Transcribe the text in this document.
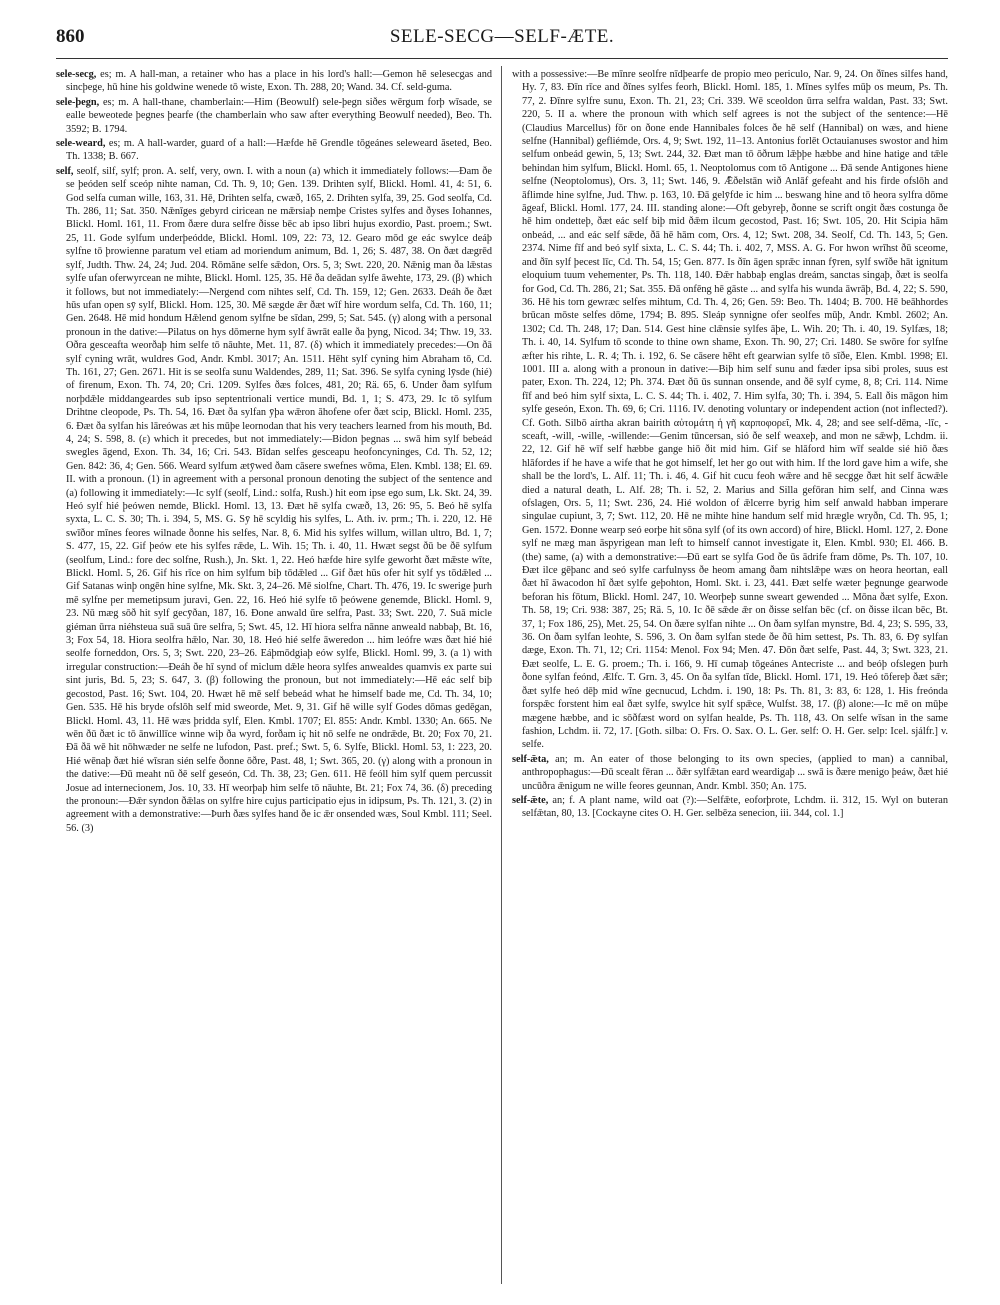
860	SELE-SECG—SELF-ÆTE.

sele-secg, es; m. A hall-man, a retainer who has a place in his lord's hall:—Gemon hē selesecgas and sincþege, hū hine his goldwine wenede tō wiste, Exon. Th. 288, 20; Wand. 34. Cf. seld-guma.

sele-þegn, es; m. A hall-thane, chamberlain:—Him (Beowulf) sele-þegn siðes wērgum forþ wīsade, se ealle beweotede þegnes þearfe (the chamberlain who saw after everything Beowulf needed), Beo. Th. 3592; B. 1794.

sele-weard, es; m. A hall-warder, guard of a hall:—Hæfde hē Grendle tōgeánes seleweard āseted, Beo. Th. 1338; B. 667.

self, seolf, silf, sylf; pron. A. self, very, own. I. with a noun (a) which it immediately follows:—Ðam ðe se þeóden self sceóp nihte naman, Cd. Th. 9, 10; Gen. 139. Drihten sylf, Blickl. Homl. 41, 4: 51, 6. God selfa cuman wille, 163, 31. Hē, Drihten selfa, cwæð, 165, 2. Drihten sylfa, 39, 25. God seolfa, Cd. Th. 286, 11; Sat. 350. Nǣnīges gebyrd ciricean ne mǣrsiaþ nemþe Cristes sylfes and ðyses Iohannes, Blickl. Homl. 161, 11. From ðære dura selfre ðisse bēc ab ipso libri hujus exordio, Past. proem.; Swt. 25, 11. Gode sylfum underþeódde, Blickl. Homl. 109, 22: 73, 12. Gearo mōd ge eác swylce deáþ sylfne tō þrowienne paratum vel etiam ad moriendum animum, Bd. 1, 26; S. 487, 38. On ðæt dægrēd sylf, Judth. Thw. 24, 24; Jud. 204. Rōmāne selfe sǣdon, Ors. 5, 3; Swt. 220, 20. Nǣnig man ða lǣstas sylfe ufan oferwyrcean ne mihte, Blickl. Homl. 125, 35. Hē ða deādan sylfe āwehte, 173, 29. (β) which it follows, but not immediately:—Nergend com nihtes self, Cd. Th. 159, 12; Gen. 2633. Deáh ðe ðæt hūs ufan open sȳ sylf, Blickl. Hom. 125, 30. Mē sægde ǣr ðæt wīf hire wordum selfa, Cd. Th. 160, 11; Gen. 2648. Hē mid hondum Hǣlend genom sylfne be sīdan, 299, 5; Sat. 545. (γ) along with a personal pronoun in the dative:—Pilatus on hys dōmerne hym sylf āwrāt ealle ða þyng, Nicod. 34; Thw. 19, 33. Oðra gesceafta weorðaþ him selfe tō nāuhte, Met. 11, 87. (δ) which it immediately precedes:—On ðā sylf cyning wrāt, wuldres God, Andr. Kmbl. 3017; An. 1511. Hēht sylf cyning him Abraham tō, Cd. Th. 161, 27; Gen. 2671. Hit is se seolfa sunu Waldendes, 289, 11; Sat. 396. Se sylfa cyning lȳsde (hié) of firenum, Exon. Th. 74, 20; Cri. 1209. Sylfes ðæs folces, 481, 20; Rä. 65, 6. Under ðam sylfum norþdǣle middangeardes sub ipso septentrionali vertice mundi, Bd. 1, 1; S. 473, 29. Ic tō sylfum Drihtne cleopode, Ps. Th. 54, 16. Ðæt ða sylfan ȳþa wǣron āhofene ofer ðæt scip, Blickl. Homl. 235, 6. Ðæt ða sylfan his lāreówas æt his mūþe leornodan that his very teachers learned from his mouth, Bd. 4, 24; S. 598, 8. (ε) which it precedes, but not immediately:—Bidon þegnas ... swā him sylf bebeád swegles āgend, Exon. Th. 34, 16; Cri. 543. Bīdan selfes gesceapu heofoncyninges, Cd. Th. 52, 12; Gen. 842: 36, 4; Gen. 566. Weard sylfum ætȳwed ðam cāsere swefnes wōma, Elen. Kmbl. 138; El. 69. II. with a pronoun. (1) in agreement with a personal pronoun denoting the subject of the sentence and (a) following it immediately:—Ic sylf (seolf, Lind.: solfa, Rush.) hit eom ipse ego sum, Lk. Skt. 24, 39. Heó sylf hié þeówen nemde, Blickl. Homl. 13, 13. Ðæt hē sylfa cwæð, 13, 26: 95, 5. Beó hē sylfa syxta, L. C. S. 30; Th. i. 394, 5, MS. G. Sȳ hē scyldig his sylfes, L. Ath. iv. prm.; Th. i. 220, 12. Hē swīðor mīnes feores wilnade ðonne his selfes, Nar. 8, 6. Mid his sylfes willum, willan ultro, Bd. 1, 7; S. 477, 15, 22. Gif þeów ete his sylfes rǣde, L. Wih. 15; Th. i. 40, 11. Hwæt segst ðū be ðē sylfum (seolfum, Lind.: fore dec solfne, Rush.), Jn. Skt. 1, 22. Heó hæfde hire sylfe geworht ðæt mǣste wīte, Blickl. Homl. 5, 26. Gif his rīce on him sylfum biþ tōdǣled ... Gif ðæt hūs ofer hit sylf ys tōdǣled ... Gif Satanas winþ ongēn hine sylfne, Mk. Skt. 3, 24–26. Mē siolfne, Chart. Th. 476, 19. Ic swerige þurh mē sylfne per memetipsum juravi, Gen. 22, 16. Heó hié sylfe tō þeówene genemde, Blickl. Homl. 9, 23. Nū mæg sōð hit sylf gecȳðan, 187, 16. Ðone anwald ūre selfra, Past. 33; Swt. 220, 7. Suā micle giéman ūrra niéhsteua suā suā ūre selfra, 5; Swt. 45, 12. Hī hiora selfra nānne anweald nabbaþ, Bt. 16, 3; Fox 54, 18. Hiora seolfra hǣlo, Nar. 30, 18. Heó hié selfe āweredon ... him leófre wæs ðæt hié hié seolfe forneddon, Ors. 5, 3; Swt. 220, 23–26. Eáþmōdgiaþ eów sylfe, Blickl. Homl. 99, 3. (a 1) with irregular construction:—Ðeáh ðe hī synd of miclum dǣle heora sylfes anwealdes quamvis ex parte sui sint juris, Bd. 5, 23; S. 647, 3. (β) following the pronoun, but not immediately:—Hē eác self biþ gecostod, Past. 16; Swt. 104, 20. Hwæt hē mē self bebeád what he himself bade me, Cd. Th. 34, 10; Gen. 535. Hē his bryde ofslōh self mid sweorde, Met. 9, 31. Gif hē wille sylf Godes dōmas gedēgan, Blickl. Homl. 43, 11. Hē wæs þridda sylf, Elen. Kmbl. 1707; El. 855: Andr. Kmbl. 1330; An. 665. Ne wēn ðū ðæt ic tō ānwillīce winne wiþ ða wyrd, forðam iç hit nō selfe ne ondrǣde, Bt. 20; Fox 70, 21. Ðā ðā wē hit nōhwæder ne selfe ne lufodon, Past. pref.; Swt. 5, 6. Sylfe, Blickl. Homl. 53, 1: 223, 20. Hié wēnaþ ðæt hié wīsran sién selfe ðonne ōðre, Past. 48, 1; Swt. 365, 20. (γ) along with a pronoun in the dative:—Ðū meaht nū ðē self geseón, Cd. Th. 38, 23; Gen. 611. Hē feóll him sylf quem percussit Josue ad internecionem, Jos. 10, 33. Hī weorþaþ him selfe tō nāuhte, Bt. 21; Fox 74, 36. (δ) preceding the pronoun:—Ðǣr syndon ðǣlas on sylfre hire cujus participatio ejus in idipsum, Ps. Th. 121, 3. (2) in agreement with a demonstrative:—Þurh ðæs sylfes hand ðe ic ǣr onsended wæs, Soul Kmbl. 111; Seel. 56. (3)

with a possessive:—Be mīnre seolfre nīdþearfe de propio meo periculo, Nar. 9, 24. On ðīnes silfes hand, Hy. 7, 83. Ðīn rīce and ðīnes sylfes feorh, Blickl. Homl. 185, 1. Mīnes sylfes mūþ os meum, Ps. Th. 77, 2. Ðīnre sylfre sunu, Exon. Th. 21, 23; Cri. 339. Wē sceoldon ūrra selfra waldan, Past. 33; Swt. 220, 5. II a. where the pronoun with which self agrees is not the subject of the sentence:—Hē (Claudius Marcellus) fōr on ðone ende Hannibales folces ðe hē self (Hannibal) on wæs, and hiene selfne (Hannibal) gefliémde, Ors. 4, 9; Swt. 192, 11–13. Antonius forlēt Octauianuses swostor and him selfum onbeád gewin, 5, 13; Swt. 244, 32. Ðæt man tō ōðrum lǣþþe hæbbe and hine hatige and tǣle behindan him sylfum, Blickl. Homl. 65, 1. Neoptolomus com tō Antigone ... Ðā sende Antigones hiene selfne (Neoptolomus), Ors. 3, 11; Swt. 146, 9. Ǣðelstān wið Anlāf gefeaht and his firde ofslōh and āflimde hine sylfne, Jud. Thw. p. 163, 10. Ðā gelȳfde ic him ... beswang hine and tō heora sylfra dōme āgeaf, Blickl. Homl. 177, 24. III. standing alone:—Oft gebyreþ, ðonne se scrift ongit ðæs costunga ðe hē him ondetteþ, ðæt eác self biþ mid ðǣm ilcum gecostod, Past. 16; Swt. 105, 20. Hit Scipia hām onbeád, ... and eác self sǣde, ðā hē hām com, Ors. 4, 12; Swt. 208, 34. Seolf, Cd. Th. 143, 5; Gen. 2374. Nime fīf and beó sylf sixta, L. C. S. 44; Th. i. 402, 7, MSS. A. G. For hwon wrīhst ðū sceome, and ðīn sylf þecest līc, Cd. Th. 54, 15; Gen. 877. Is ðīn āgen sprǣc innan fȳren, sylf swīðe hāt ignitum eloquium tuum vehementer, Ps. Th. 118, 140. Ðǣr habbaþ englas dreám, sanctas singaþ, ðæt is seolfa for God, Cd. Th. 286, 21; Sat. 355. Ðā onfēng hē gāste ... and sylfa his wunda āwrāþ, Bd. 4, 22; S. 590, 36. Hē his torn gewræc selfes mihtum, Cd. Th. 4, 26; Gen. 59: Beo. Th. 1404; B. 700. Hē beāhhordes brūcan mōste selfes dōme, 1794; B. 895. Sleáp synnigne ofer seolfes mūþ, Andr. Kmbl. 2602; An. 1302; Cd. Th. 248, 17; Dan. 514. Gest hine clǣnsie sylfes āþe, L. Wih. 20; Th. i. 40, 19. Sylfæs, 18; Th. i. 40, 14. Sylfum tō sconde to thine own shame, Exon. Th. 90, 27; Cri. 1480. Se swōre for sylfne æfter his rihte, L. R. 4; Th. i. 192, 6. Se cāsere hēht eft gearwian sylfe tō sīðe, Elen. Kmbl. 1998; El. 1001. III a. along with a pronoun in dative:—Biþ him self sunu and fæder ipsa sibi proles, suus est pater, Exon. Th. 224, 12; Ph. 374. Ðæt ðū ūs sunnan onsende, and ðē sylf cyme, 8, 8; Cri. 114. Nime fīf and beó him sylf sixta, L. C. S. 44; Th. i. 402, 7. Him sylfa, 30; Th. i. 394, 5. Eall ðis māgon him sylfe geseón, Exon. Th. 69, 6; Cri. 1116. IV. denoting voluntary or independent action (not inflected?). Cf. Goth. Silbō aírtha akran bairith αὐτομάτη ἡ γῆ καρποφορεῖ, Mk. 4, 28; and see self-dēma, -līc, -sceaft, -will, -wille, -willende:—Genim tūncersan, sió ðe self weaxeþ, and mon ne sǣwþ, Lchdm. ii. 22, 12. Gif hē wīf self hæbbe gange hiō ðit mid him. Gif se hlāford him wīf sealde sié hiō ðæs hlāfordes if he have a wife that he got himself, let her go out with him. If the lord gave him a wife, she shall be the lord's, L. Alf. 11; Th. i. 46, 4. Gif hit cucu feoh wǣre and hē secgge ðæt hit self ācwǣle died a natural death, L. Alf. 28; Th. i. 52, 2. Marius and Silla gefōran him self, and Cinna wæs ofslagen, Ors. 5, 11; Swt. 236, 24. Hié woldon of ǣlcerre byrig him self anwald habban imperare singulae cupiunt, 3, 7; Swt. 112, 20. Hē ne mihte hine handum self mid hrægle wryðn, Cd. Th. 95, 1; Gen. 1572. Ðonne wearp seó eorþe hit sōna sylf (of its own accord) of hire, Blickl. Homl. 127, 2. Ðone sylf ne mæg man āspyrigean man left to himself cannot investigate it, Elen. Kmbl. 930; El. 466. B. (the) same, (a) with a demonstrative:—Ðū eart se sylfa God ðe ūs ādrife fram dōme, Ps. Th. 107, 10. Ðæt ilce gēþanc and seó sylfe carfulnyss ðe heom amang ðam nihtslǣpe wæs on heora heortan, eall ðæt hī āwacodon hī ðæt sylfe geþohton, Homl. Skt. i. 23, 441. Ðæt selfe wæter þegnunge gearwode beforan his fōtum, Blickl. Homl. 247, 10. Weorþeþ sunne sweart gewended ... Mōna ðæt sylfe, Exon. Th. 58, 19; Cri. 938: 387, 25; Rä. 5, 10. Ic ðē sǣde ǣr on ðisse selfan bēc (cf. on ðisse ilcan bēc, Bt. 37, 1; Fox 186, 25), Met. 25, 54. On ðære sylfan nihte ... On ðam sylfan mynstre, Bd. 4, 23; S. 595, 33, 36. On ðam sylfan leohte, S. 596, 3. On ðam sylfan stede ðe ðū him settest, Ps. Th. 83, 6. Ðȳ sylfan dæge, Exon. Th. 71, 12; Cri. 1154: Menol. Fox 94; Men. 47. Ðōn ðæt selfe, Past. 44, 3; Swt. 323, 21. Ðæt seolfe, L. E. G. proem.; Th. i. 166, 9. Hī cumaþ tōgeánes Antecriste ... and beóþ ofslegen þurh ðone sylfan feónd, Ælfc. T. Grn. 3, 45. On ða sylfan tīde, Blickl. Homl. 171, 19. Heó tōfereþ ðæt sǣr; ðæt sylfe heó dēþ mid wīne gecnucud, Lchdm. i. 190, 18: Ps. Th. 81, 3: 83, 6: 128, 1. His freónda forspǣc forstent him eal ðæt sylfe, swylce hit sylf spǣce, Wulfst. 38, 17. (β) alone:—Ic mē on mūþe mægene hæbbe, and ic sōðfæst word on sylfan healde, Ps. Th. 118, 43. On selfe wīsan in the same fashion, Lchdm. ii. 72, 17. [Goth. silba: O. Frs. O. Sax. O. L. Ger. self: O. H. Ger. selp: Icel. sjálfr.] v. selfe.

self-ǣta, an; m. An eater of those belonging to its own species, (applied to man) a cannibal, anthropophagus:—Ðū scealt fēran ... ðǣr sylfǣtan eard weardigaþ ... swā is ðære menigo þeáw, ðæt hié uncūðra ǣnigum ne wille feores geunnan, Andr. Kmbl. 350; An. 175.

self-ǣte, an; f. A plant name, wild oat (?):—Selfǣte, eoforþrote, Lchdm. ii. 312, 15. Wyl on buteran selfǣtan, 80, 13. [Cockayne cites O. H. Ger. selbēza senecion, iii. 344, col. 1.]
